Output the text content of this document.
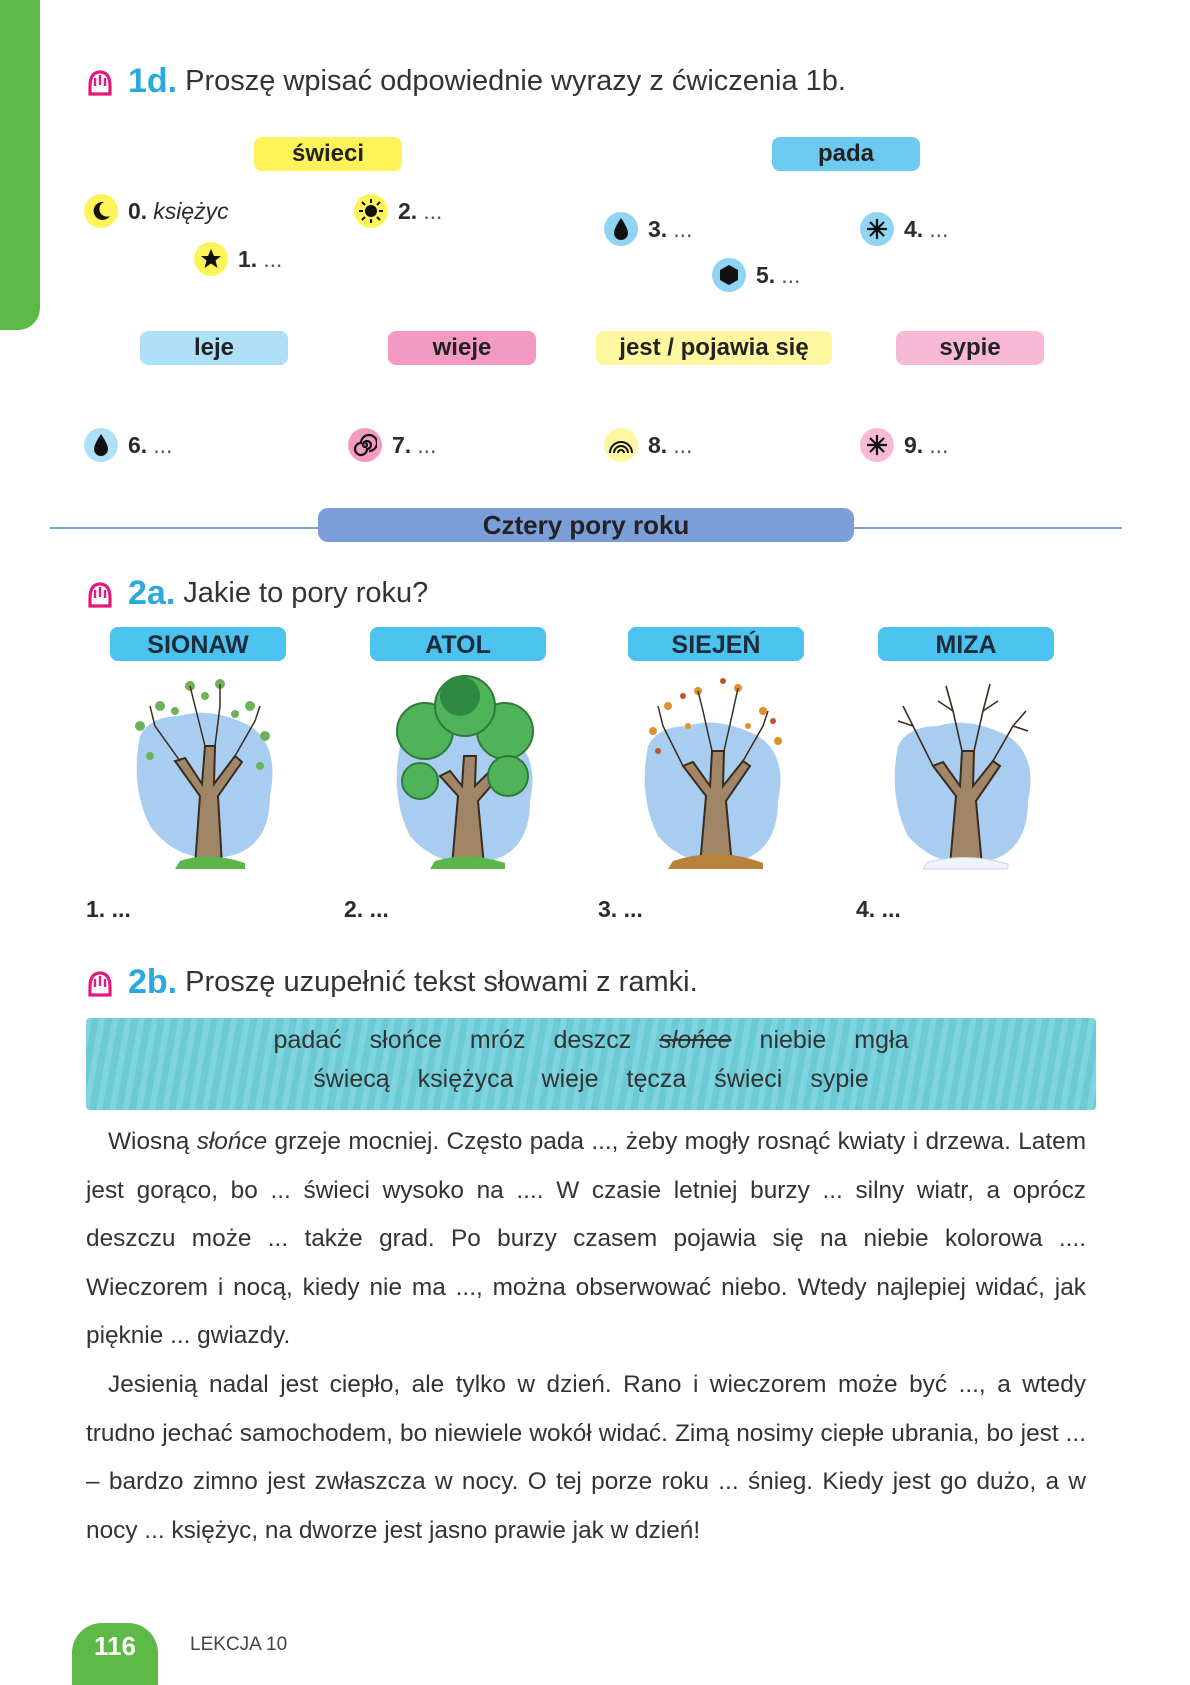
1d. Proszę wpisać odpowiednie wyrazy z ćwiczenia 1b.
świeci	pada
0. księżyc
1. ...
2. ...
3. ...	4. ...
5. ...
leje	wieje	jest / pojawia się	sypie
6. ...	7. ...	8. ...	9. ...
Cztery pory roku
2a. Jakie to pory roku?
SIONAW	ATOL	SIEJEŃ	MIZA
1. ...	2. ...	3. ...	4. ...
2b. Proszę uzupełnić tekst słowami z ramki.
padać słońce mróz deszcz słońce niebie mgła
świecą księżyca wieje tęcza świeci sypie

Wiosną słońce grzeje mocniej. Często pada ..., żeby mogły rosnąć kwiaty i drzewa. Latem jest gorąco, bo ... świeci wysoko na .... W czasie letniej burzy ... silny wiatr, a oprócz deszczu może ... także grad. Po burzy czasem pojawia się na niebie kolorowa .... Wieczorem i nocą, kiedy nie ma ..., można obserwować niebo. Wtedy najlepiej widać, jak pięknie ... gwiazdy.

Jesienią nadal jest ciepło, ale tylko w dzień. Rano i wieczorem może być ..., a wtedy trudno jechać samochodem, bo niewiele wokół widać. Zimą nosimy ciepłe ubrania, bo jest ... – bardzo zimno jest zwłaszcza w nocy. O tej porze roku ... śnieg. Kiedy jest go dużo, a w nocy ... księżyc, na dworze jest jasno prawie jak w dzień!

116	LEKCJA 10
